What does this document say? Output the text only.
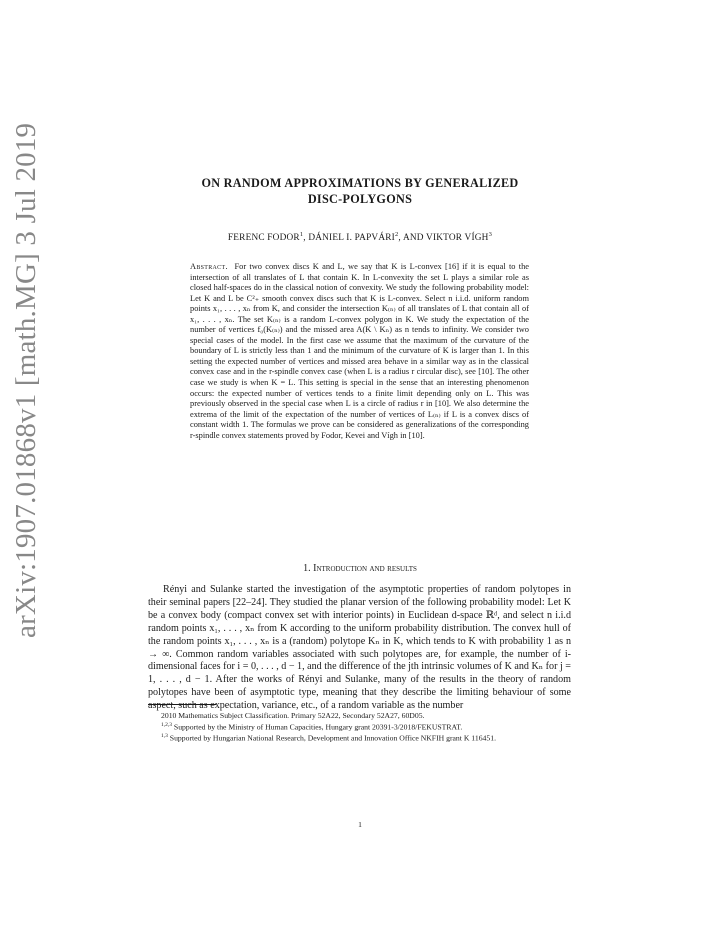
arXiv:1907.01868v1 [math.MG] 3 Jul 2019	ON RANDOM APPROXIMATIONS BY GENERALIZED
DISC-POLYGONS
FERENC FODOR$^1$, DÁNIEL I. PAPVÁRI$^2$, AND VIKTOR VÍGH$^3$
Abstract. For two convex discs K and L, we say that K is L-convex [16] if it is equal to the intersection of all translates of L that contain K. In L-convexity the set L plays a similar role as closed half-spaces do in the classical notion of convexity. We study the following probability model: Let K and L be C²₊ smooth convex discs such that K is L-convex. Select n i.i.d. uniform random points x₁, . . . , xₙ from K, and consider the intersection K₍ₙ₎ of all translates of L that contain all of x₁, . . . , xₙ. The set K₍ₙ₎ is a random L-convex polygon in K. We study the expectation of the number of vertices f₀(K₍ₙ₎) and the missed area A(K \ Kₙ) as n tends to infinity. We consider two special cases of the model. In the first case we assume that the maximum of the curvature of the boundary of L is strictly less than 1 and the minimum of the curvature of K is larger than 1. In this setting the expected number of vertices and missed area behave in a similar way as in the classical convex case and in the r-spindle convex case (when L is a radius r circular disc), see [10]. The other case we study is when K = L. This setting is special in the sense that an interesting phenomenon occurs: the expected number of vertices tends to a finite limit depending only on L. This was previously observed in the special case when L is a circle of radius r in [10]. We also determine the extrema of the limit of the expectation of the number of vertices of L₍ₙ₎ if L is a convex discs of constant width 1. The formulas we prove can be considered as generalizations of the corresponding r-spindle convex statements proved by Fodor, Kevei and Vígh in [10].
1. Introduction and results

Rényi and Sulanke started the investigation of the asymptotic properties of random polytopes in their seminal papers [22–24]. They studied the planar version of the following probability model: Let K be a convex body (compact convex set with interior points) in Euclidean d-space ℝᵈ, and select n i.i.d random points x₁, . . . , xₙ from K according to the uniform probability distribution. The convex hull of the random points x₁, . . . , xₙ is a (random) polytope Kₙ in K, which tends to K with probability 1 as n → ∞. Common random variables associated with such polytopes are, for example, the number of i-dimensional faces for i = 0, . . . , d − 1, and the difference of the jth intrinsic volumes of K and Kₙ for j = 1, . . . , d − 1. After the works of Rényi and Sulanke, many of the results in the theory of random polytopes have been of asymptotic type, meaning that they describe the limiting behaviour of some aspect, such as expectation, variance, etc., of a random variable as the number

2010 Mathematics Subject Classification. Primary 52A22, Secondary 52A27, 60D05.

$^{1,2,3}$ Supported by the Ministry of Human Capacities, Hungary grant 20391-3/2018/FEKUSTRAT.

$^{1,3}$ Supported by Hungarian National Research, Development and Innovation Office NKFIH grant K 116451.

1
